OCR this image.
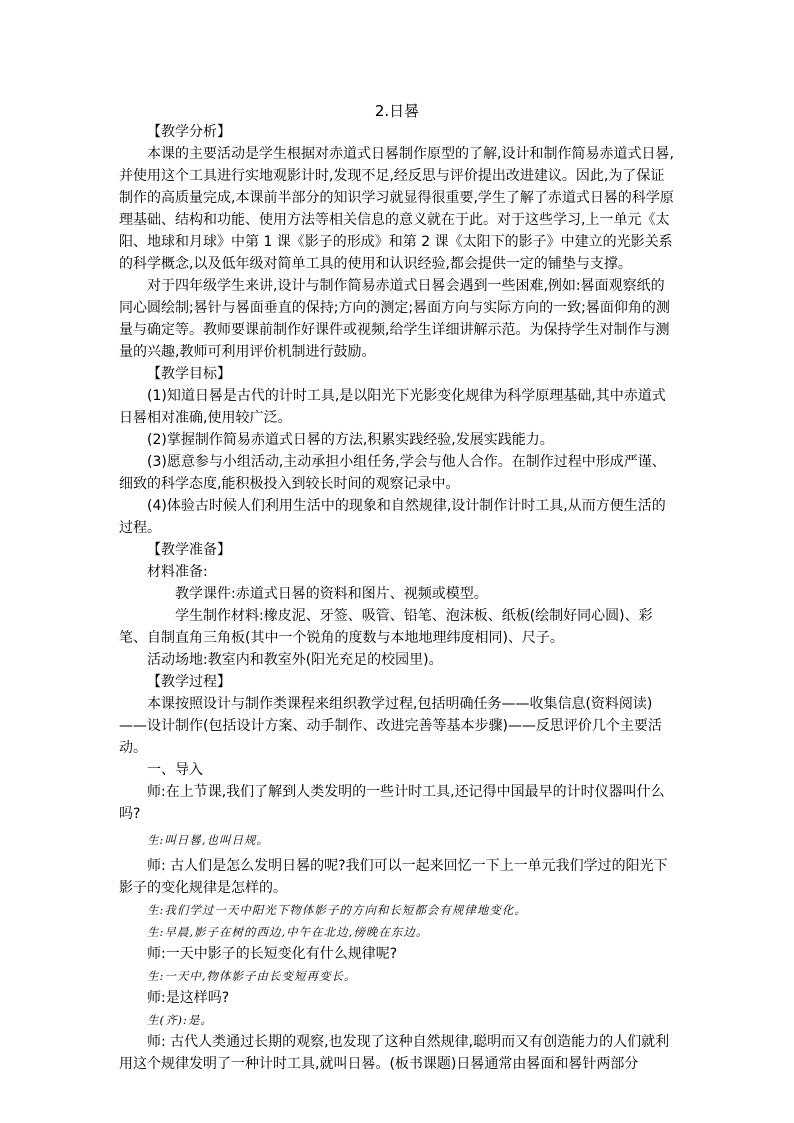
2.日晷

【教学分析】

本课的主要活动是学生根据对赤道式日晷制作原型的了解,设计和制作简易赤道式日晷,并使用这个工具进行实地观影计时,发现不足,经反思与评价提出改进建议。因此,为了保证制作的高质量完成,本课前半部分的知识学习就显得很重要,学生了解了赤道式日晷的科学原理基础、结构和功能、使用方法等相关信息的意义就在于此。对于这些学习,上一单元《太阳、地球和月球》中第 1 课《影子的形成》和第 2 课《太阳下的影子》中建立的光影关系的科学概念,以及低年级对简单工具的使用和认识经验,都会提供一定的铺垫与支撑。

对于四年级学生来讲,设计与制作简易赤道式日晷会遇到一些困难,例如:晷面观察纸的同心圆绘制;晷针与晷面垂直的保持;方向的测定;晷面方向与实际方向的一致;晷面仰角的测量与确定等。教师要课前制作好课件或视频,给学生详细讲解示范。为保持学生对制作与测量的兴趣,教师可利用评价机制进行鼓励。

【教学目标】

(1)知道日晷是古代的计时工具,是以阳光下光影变化规律为科学原理基础,其中赤道式日晷相对准确,使用较广泛。

(2)掌握制作简易赤道式日晷的方法,积累实践经验,发展实践能力。

(3)愿意参与小组活动,主动承担小组任务,学会与他人合作。在制作过程中形成严谨、细致的科学态度,能积极投入到较长时间的观察记录中。

(4)体验古时候人们利用生活中的现象和自然规律,设计制作计时工具,从而方便生活的过程。

【教学准备】

材料准备:

教学课件:赤道式日晷的资料和图片、视频或模型。

学生制作材料:橡皮泥、牙签、吸管、铅笔、泡沫板、纸板(绘制好同心圆)、彩笔、自制直角三角板(其中一个锐角的度数与本地地理纬度相同)、尺子。

活动场地:教室内和教室外(阳光充足的校园里)。

【教学过程】

本课按照设计与制作类课程来组织教学过程,包括明确任务——收集信息(资料阅读)——设计制作(包括设计方案、动手制作、改进完善等基本步骤)——反思评价几个主要活动。

一、导入

师:在上节课,我们了解到人类发明的一些计时工具,还记得中国最早的计时仪器叫什么吗?

生:叫日晷,也叫日规。

师: 古人们是怎么发明日晷的呢?我们可以一起来回忆一下上一单元我们学过的阳光下影子的变化规律是怎样的。

生:我们学过一天中阳光下物体影子的方向和长短都会有规律地变化。

生:早晨,影子在树的西边,中午在北边,傍晚在东边。

师:一天中影子的长短变化有什么规律呢?

生:一天中,物体影子由长变短再变长。

师:是这样吗?

生(齐):是。

师: 古代人类通过长期的观察,也发现了这种自然规律,聪明而又有创造能力的人们就利用这个规律发明了一种计时工具,就叫日晷。(板书课题)日晷通常由晷面和晷针两部分
